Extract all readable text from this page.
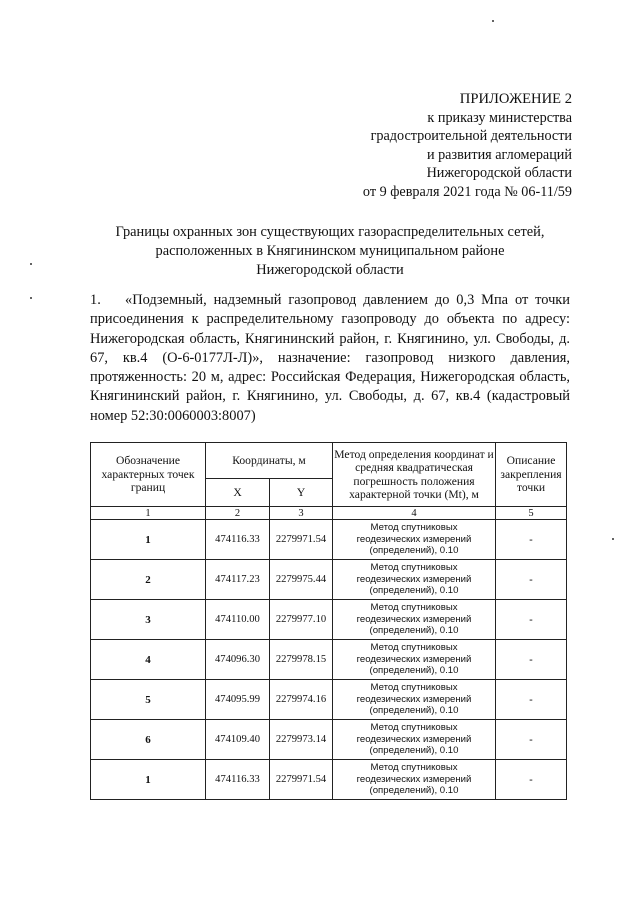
ПРИЛОЖЕНИЕ 2
к приказу министерства
градостроительной деятельности
и развития агломераций
Нижегородской области
от 9 февраля 2021 года № 06-11/59
Границы охранных зон существующих газораспределительных сетей,
расположенных в Княгининском муниципальном районе
Нижегородской области
1. «Подземный, надземный газопровод давлением до 0,3 Мпа от точки
присоединения к распределительному газопроводу до объекта по адресу:
Нижегородская область, Княгининский район, г. Княгинино, ул. Свободы, д.
67, кв.4 (О-6-0177Л-Л)», назначение: газопровод низкого давления,
протяженность: 20 м, адрес: Российская Федерация, Нижегородская область,
Княгининский район, г. Княгинино, ул. Свободы, д. 67, кв.4 (кадастровый
номер 52:30:0060003:8007)
Обозначение характерных точек границ	Координаты, м		Метод определения координат и средняя квадратическая погрешность положения характерной точки (Mt), м	Описание закрепления точки
	X	Y		
1	2	3	4	5
1	474116.33	2279971.54	Метод спутниковых
геодезических измерений
(определений), 0.10	-
2	474117.23	2279975.44	Метод спутниковых
геодезических измерений
(определений), 0.10	-
3	474110.00	2279977.10	Метод спутниковых
геодезических измерений
(определений), 0.10	-
4	474096.30	2279978.15	Метод спутниковых
геодезических измерений
(определений), 0.10	-
5	474095.99	2279974.16	Метод спутниковых
геодезических измерений
(определений), 0.10	-
6	474109.40	2279973.14	Метод спутниковых
геодезических измерений
(определений), 0.10	-
1	474116.33	2279971.54	Метод спутниковых
геодезических измерений
(определений), 0.10	-
